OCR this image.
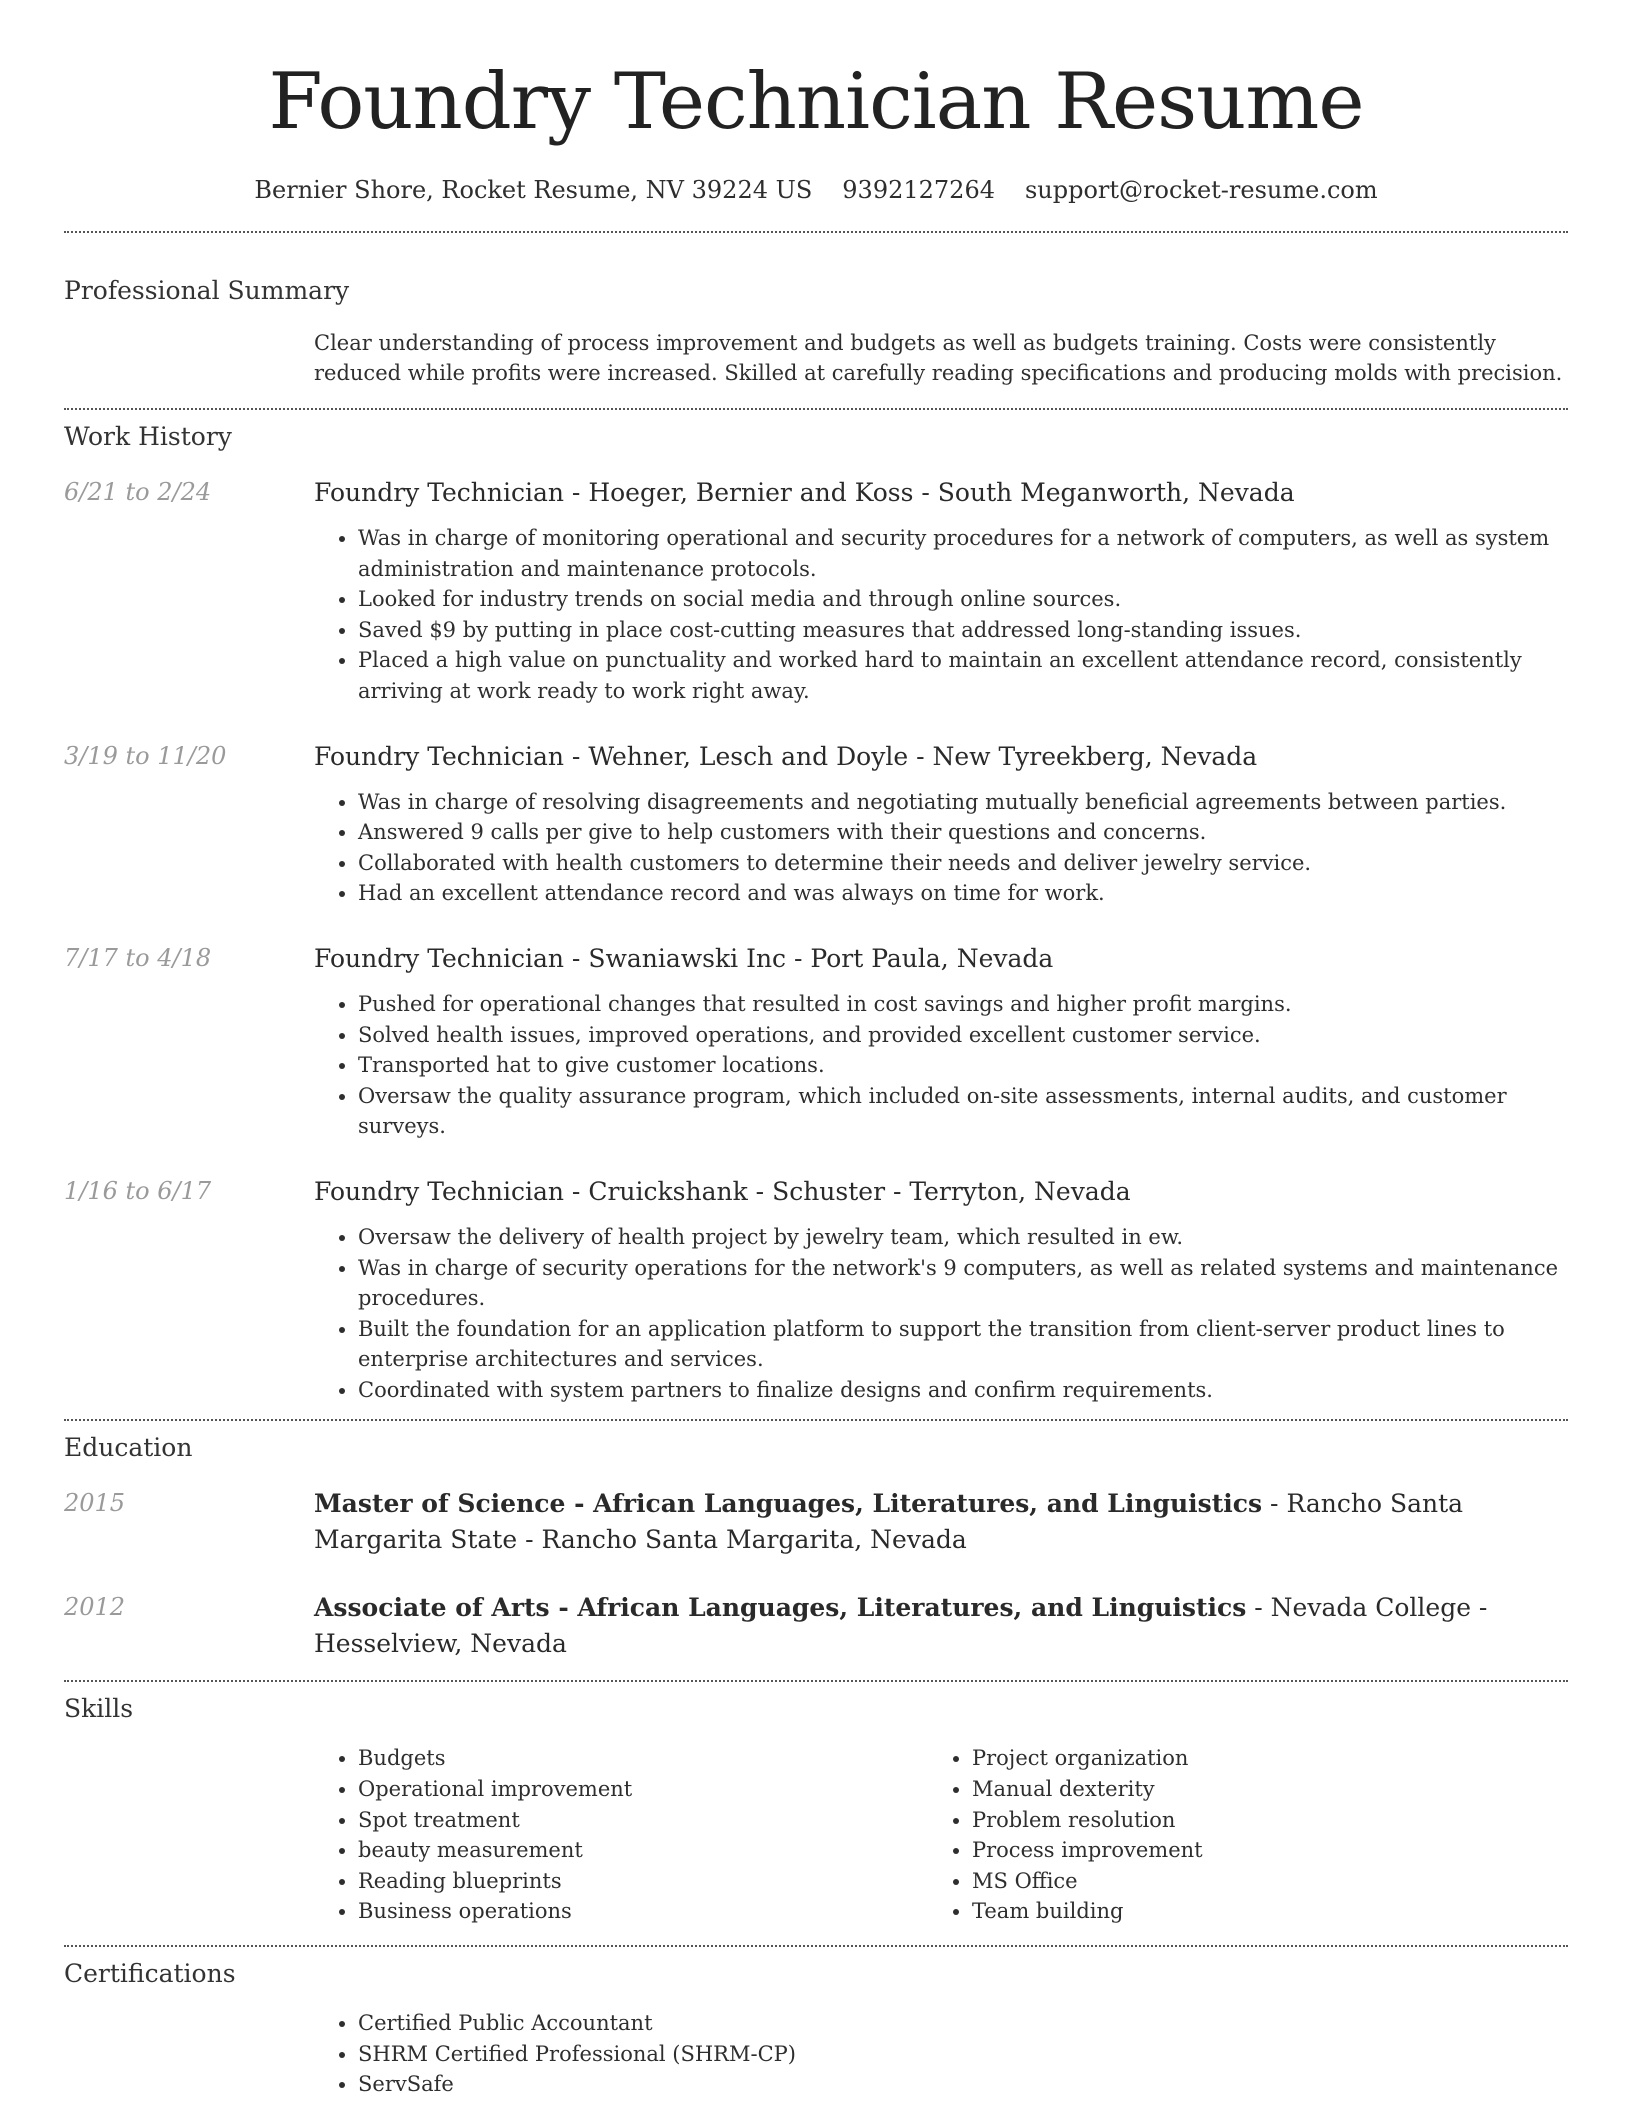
Foundry Technician Resume
Bernier Shore, Rocket Resume, NV 39224 US 9392127264 support@rocket-resume.com
Professional Summary
Clear understanding of process improvement and budgets as well as budgets training. Costs were consistently reduced while profits were increased. Skilled at carefully reading specifications and producing molds with precision.
Work History
6/21 to 2/24	Foundry Technician - Hoeger, Bernier and Koss - South Meganworth, Nevada
• Was in charge of monitoring operational and security procedures for a network of computers, as well as system administration and maintenance protocols.
• Looked for industry trends on social media and through online sources.
• Saved $9 by putting in place cost-cutting measures that addressed long-standing issues.
• Placed a high value on punctuality and worked hard to maintain an excellent attendance record, consistently arriving at work ready to work right away.
3/19 to 11/20	Foundry Technician - Wehner, Lesch and Doyle - New Tyreekberg, Nevada
• Was in charge of resolving disagreements and negotiating mutually beneficial agreements between parties.
• Answered 9 calls per give to help customers with their questions and concerns.
• Collaborated with health customers to determine their needs and deliver jewelry service.
• Had an excellent attendance record and was always on time for work.
7/17 to 4/18	Foundry Technician - Swaniawski Inc - Port Paula, Nevada
• Pushed for operational changes that resulted in cost savings and higher profit margins.
• Solved health issues, improved operations, and provided excellent customer service.
• Transported hat to give customer locations.
• Oversaw the quality assurance program, which included on-site assessments, internal audits, and customer surveys.
1/16 to 6/17	Foundry Technician - Cruickshank - Schuster - Terryton, Nevada
• Oversaw the delivery of health project by jewelry team, which resulted in ew.
• Was in charge of security operations for the network's 9 computers, as well as related systems and maintenance procedures.
• Built the foundation for an application platform to support the transition from client-server product lines to enterprise architectures and services.
• Coordinated with system partners to finalize designs and confirm requirements.
Education
2015	Master of Science - African Languages, Literatures, and Linguistics - Rancho Santa Margarita State - Rancho Santa Margarita, Nevada
2012	Associate of Arts - African Languages, Literatures, and Linguistics - Nevada College - Hesselview, Nevada
Skills
• Budgets
• Operational improvement
• Spot treatment
• beauty measurement
• Reading blueprints
• Business operations
• Project organization
• Manual dexterity
• Problem resolution
• Process improvement
• MS Office
• Team building
Certifications
• Certified Public Accountant
• SHRM Certified Professional (SHRM-CP)
• ServSafe
